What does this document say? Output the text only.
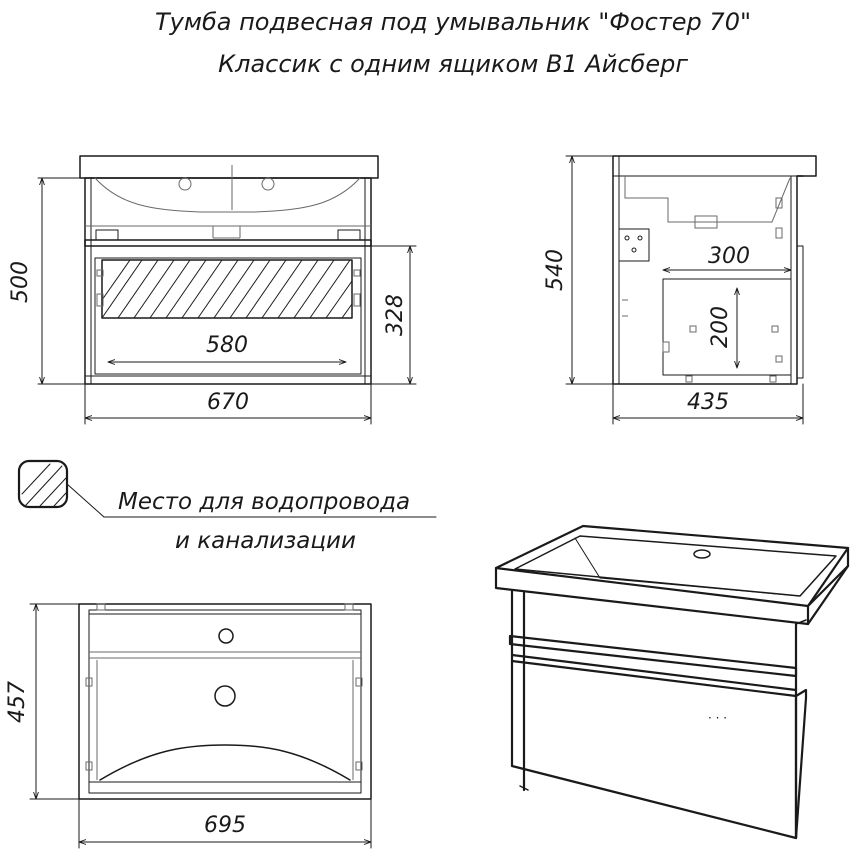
Тумба подвесная под умывальник "Фостер 70"
Классик с одним ящиком В1 Айсберг
580
500
328
670
300
200
540
435
Место для водопровода
и канализации
457
695
· · ·
